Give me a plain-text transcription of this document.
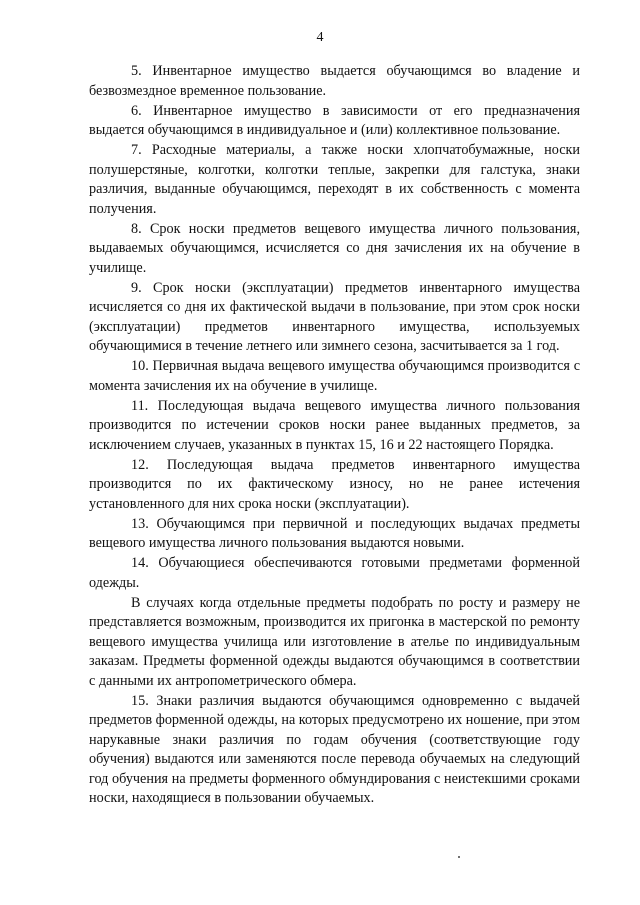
4

5. Инвентарное имущество выдается обучающимся во владение и безвозмездное временное пользование.

6. Инвентарное имущество в зависимости от его предназначения выдается обучающимся в индивидуальное и (или) коллективное пользование.

7. Расходные материалы, а также носки хлопчатобумажные, носки полушерстяные, колготки, колготки теплые, закрепки для галстука, знаки различия, выданные обучающимся, переходят в их собственность с момента получения.

8. Срок носки предметов вещевого имущества личного пользования, выдаваемых обучающимся, исчисляется со дня зачисления их на обучение в училище.

9. Срок носки (эксплуатации) предметов инвентарного имущества исчисляется со дня их фактической выдачи в пользование, при этом срок носки (эксплуатации) предметов инвентарного имущества, используемых обучающимися в течение летнего или зимнего сезона, засчитывается за 1 год.

10. Первичная выдача вещевого имущества обучающимся производится с момента зачисления их на обучение в училище.

11. Последующая выдача вещевого имущества личного пользования производится по истечении сроков носки ранее выданных предметов, за исключением случаев, указанных в пунктах 15, 16 и 22 настоящего Порядка.

12. Последующая выдача предметов инвентарного имущества производится по их фактическому износу, но не ранее истечения установленного для них срока носки (эксплуатации).

13. Обучающимся при первичной и последующих выдачах предметы вещевого имущества личного пользования выдаются новыми.

14. Обучающиеся обеспечиваются готовыми предметами форменной одежды.

В случаях когда отдельные предметы подобрать по росту и размеру не представляется возможным, производится их пригонка в мастерской по ремонту вещевого имущества училища или изготовление в ателье по индивидуальным заказам. Предметы форменной одежды выдаются обучающимся в соответствии с данными их антропометрического обмера.

15. Знаки различия выдаются обучающимся одновременно с выдачей предметов форменной одежды, на которых предусмотрено их ношение, при этом нарукавные знаки различия по годам обучения (соответствующие году обучения) выдаются или заменяются после перевода обучаемых на следующий год обучения на предметы форменного обмундирования с неистекшими сроками носки, находящиеся в пользовании обучаемых.
